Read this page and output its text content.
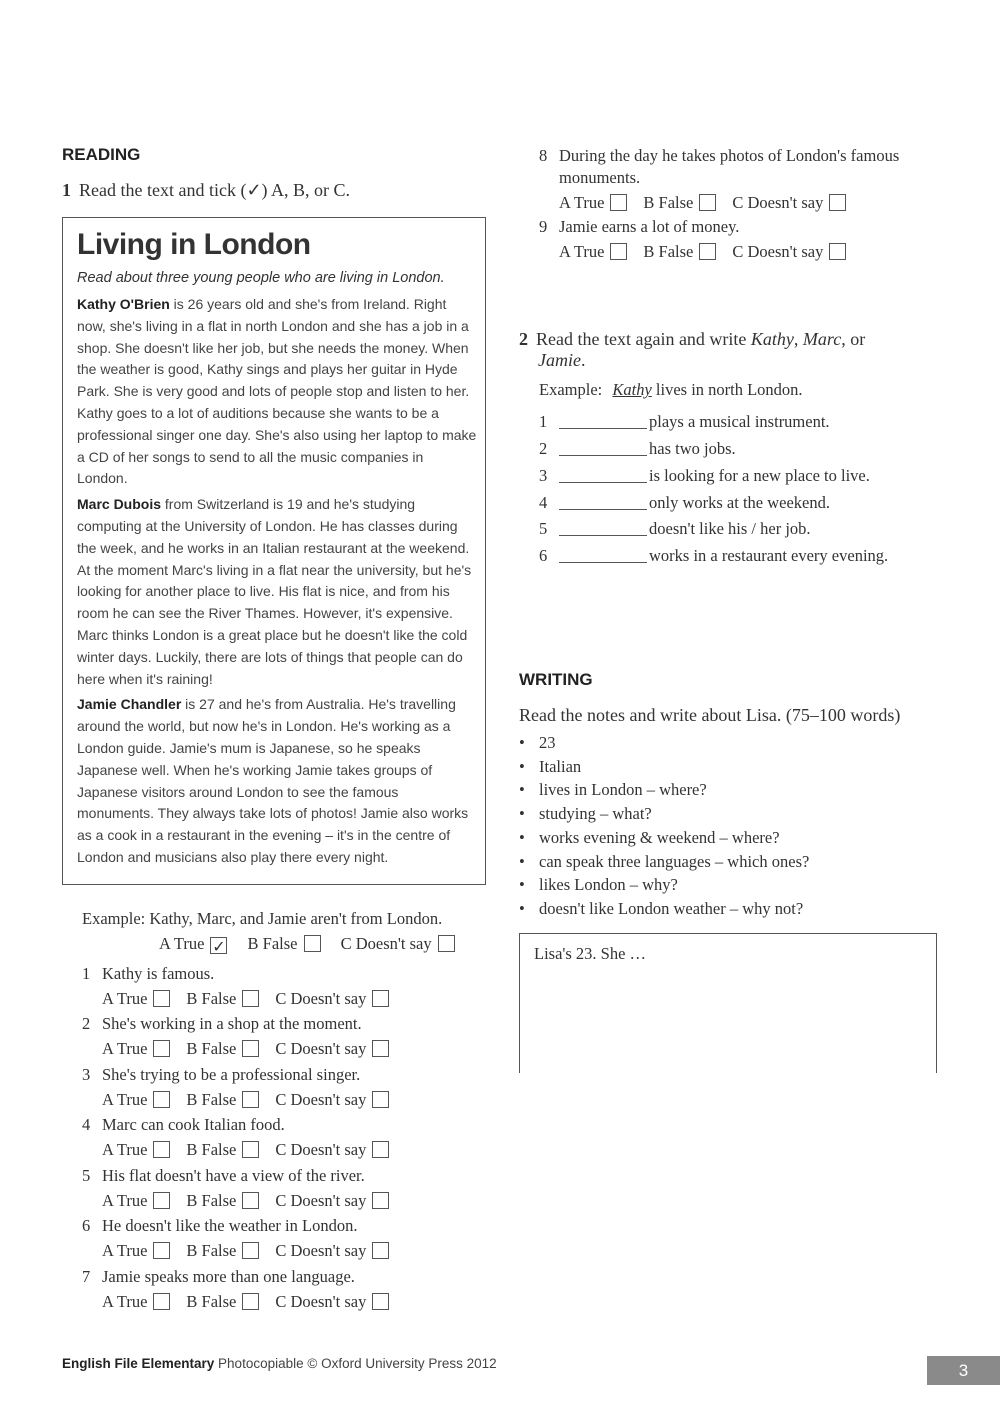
READING
1 Read the text and tick (✓) A, B, or C.
Living in London
Read about three young people who are living in London.

Kathy O'Brien is 26 years old and she's from Ireland. Right now, she's living in a flat in north London and she has a job in a shop. She doesn't like her job, but she needs the money. When the weather is good, Kathy sings and plays her guitar in Hyde Park. She is very good and lots of people stop and listen to her. Kathy goes to a lot of auditions because she wants to be a professional singer one day. She's also using her laptop to make a CD of her songs to send to all the music companies in London.

Marc Dubois from Switzerland is 19 and he's studying computing at the University of London. He has classes during the week, and he works in an Italian restaurant at the weekend. At the moment Marc's living in a flat near the university, but he's looking for another place to live. His flat is nice, and from his room he can see the River Thames. However, it's expensive. Marc thinks London is a great place but he doesn't like the cold winter days. Luckily, there are lots of things that people can do here when it's raining!

Jamie Chandler is 27 and he's from Australia. He's travelling around the world, but now he's in London. He's working as a London guide. Jamie's mum is Japanese, so he speaks Japanese well. When he's working Jamie takes groups of Japanese visitors around London to see the famous monuments. They always take lots of photos! Jamie also works as a cook in a restaurant in the evening – it's in the centre of London and musicians also play there every night.

Example: Kathy, Marc, and Jamie aren't from London.
A True ✓ B False	C Doesn't say
1 Kathy is famous.
A True B False C Doesn't say
2 She's working in a shop at the moment.
A True B False C Doesn't say
3 She's trying to be a professional singer.
A True B False C Doesn't say
4 Marc can cook Italian food.
A True B False C Doesn't say
5 His flat doesn't have a view of the river.
A True B False C Doesn't say
6 He doesn't like the weather in London.
A True B False C Doesn't say
7 Jamie speaks more than one language.
A True B False C Doesn't say
8 During the day he takes photos of London's famous
monuments.
A True B False C Doesn't say
9 Jamie earns a lot of money.
A True B False C Doesn't say
2 Read the text again and write Kathy, Marc, or
Jamie.
Example: Kathy lives in north London.
1	plays a musical instrument.
2	has two jobs.
3	is looking for a new place to live.
4	only works at the weekend.
5	doesn't like his / her job.
6	works in a restaurant every evening.
WRITING
Read the notes and write about Lisa. (75–100 words)
• 23
• Italian
• lives in London – where?
• studying – what?
• works evening & weekend – where?
• can speak three languages – which ones?
• likes London – why?
• doesn't like London weather – why not?
Lisa's 23. She …
English File Elementary Photocopiable © Oxford University Press 2012	3
